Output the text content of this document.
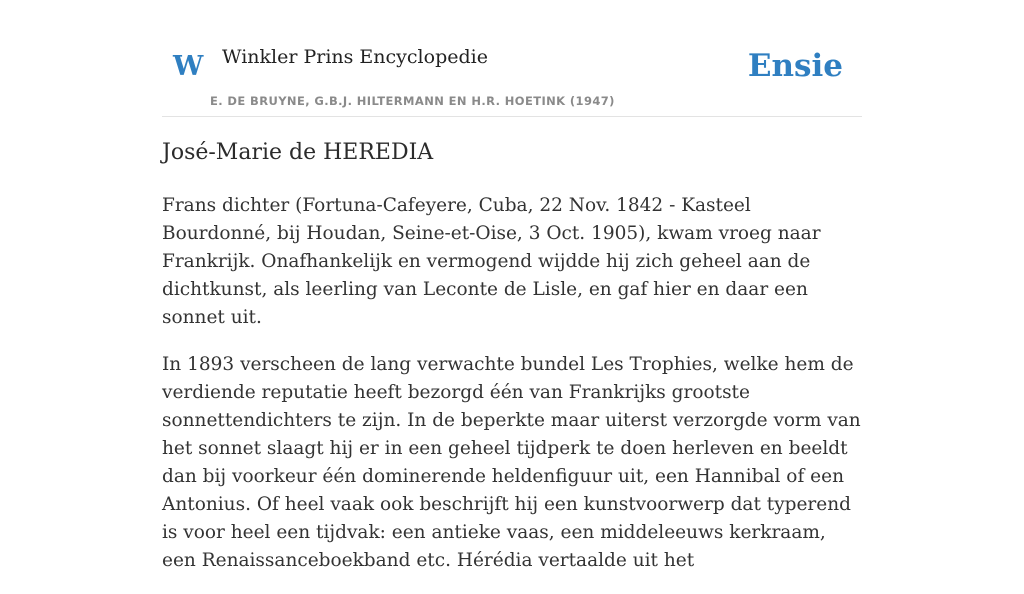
W Winkler Prins Encyclopedie
E. DE BRUYNE, G.B.J. HILTERMANN EN H.R. HOETINK (1947)
Ensie
José-Marie de HEREDIA

Frans dichter (Fortuna-Cafeyere, Cuba, 22 Nov. 1842 - Kasteel Bourdonné, bij Houdan, Seine-et-Oise, 3 Oct. 1905), kwam vroeg naar Frankrijk. Onafhankelijk en vermogend wijdde hij zich geheel aan de dichtkunst, als leerling van Leconte de Lisle, en gaf hier en daar een sonnet uit.

In 1893 verscheen de lang verwachte bundel Les Trophies, welke hem de verdiende reputatie heeft bezorgd één van Frankrijks grootste sonnettendichters te zijn. In de beperkte maar uiterst verzorgde vorm van het sonnet slaagt hij er in een geheel tijdperk te doen herleven en beeldt dan bij voorkeur één dominerende heldenfiguur uit, een Hannibal of een Antonius. Of heel vaak ook beschrijft hij een kunstvoorwerp dat typerend is voor heel een tijdvak: een antieke vaas, een middeleeuws kerkraam, een Renaissanceboekband etc. Hérédia vertaalde uit het
